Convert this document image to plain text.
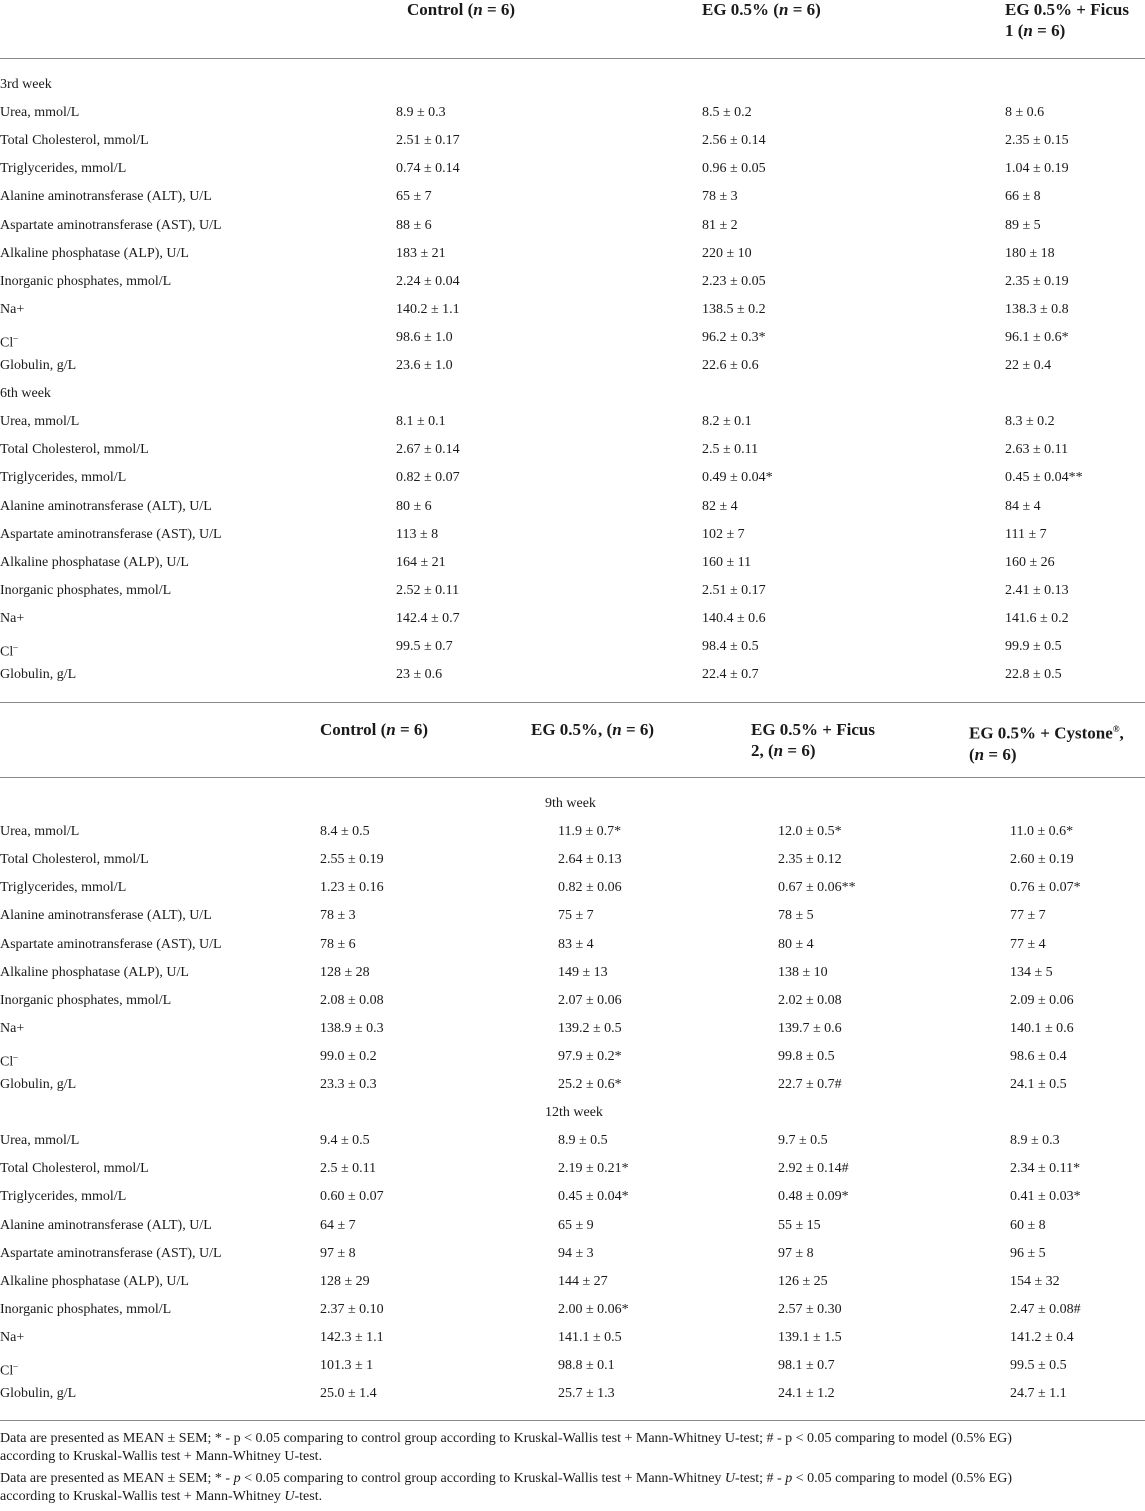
Control (n = 6)	EG 0.5% (n = 6)	EG 0.5% + Ficus
1 (n = 6)
3rd week
Urea, mmol/L	8.9 ± 0.3	8.5 ± 0.2	8 ± 0.6
Total Cholesterol, mmol/L	2.51 ± 0.17	2.56 ± 0.14	2.35 ± 0.15
Triglycerides, mmol/L	0.74 ± 0.14	0.96 ± 0.05	1.04 ± 0.19
Alanine aminotransferase (ALT), U/L	65 ± 7	78 ± 3	66 ± 8
Aspartate aminotransferase (AST), U/L	88 ± 6	81 ± 2	89 ± 5
Alkaline phosphatase (ALP), U/L	183 ± 21	220 ± 10	180 ± 18
Inorganic phosphates, mmol/L	2.24 ± 0.04	2.23 ± 0.05	2.35 ± 0.19
Na+	140.2 ± 1.1	138.5 ± 0.2	138.3 ± 0.8
Cl–	98.6 ± 1.0	96.2 ± 0.3*	96.1 ± 0.6*
Globulin, g/L	23.6 ± 1.0	22.6 ± 0.6	22 ± 0.4
6th week
Urea, mmol/L	8.1 ± 0.1	8.2 ± 0.1	8.3 ± 0.2
Total Cholesterol, mmol/L	2.67 ± 0.14	2.5 ± 0.11	2.63 ± 0.11
Triglycerides, mmol/L	0.82 ± 0.07	0.49 ± 0.04*	0.45 ± 0.04**
Alanine aminotransferase (ALT), U/L	80 ± 6	82 ± 4	84 ± 4
Aspartate aminotransferase (AST), U/L	113 ± 8	102 ± 7	111 ± 7
Alkaline phosphatase (ALP), U/L	164 ± 21	160 ± 11	160 ± 26
Inorganic phosphates, mmol/L	2.52 ± 0.11	2.51 ± 0.17	2.41 ± 0.13
Na+	142.4 ± 0.7	140.4 ± 0.6	141.6 ± 0.2
Cl–	99.5 ± 0.7	98.4 ± 0.5	99.9 ± 0.5
Globulin, g/L	23 ± 0.6	22.4 ± 0.7	22.8 ± 0.5
Control (n = 6)	EG 0.5%, (n = 6)	EG 0.5% + Ficus
2, (n = 6)
EG 0.5% + Cystone®,
(n = 6)
9th week
Urea, mmol/L	8.4 ± 0.5	11.9 ± 0.7*	12.0 ± 0.5*	11.0 ± 0.6*
Total Cholesterol, mmol/L	2.55 ± 0.19	2.64 ± 0.13	2.35 ± 0.12	2.60 ± 0.19
Triglycerides, mmol/L	1.23 ± 0.16	0.82 ± 0.06	0.67 ± 0.06**	0.76 ± 0.07*
Alanine aminotransferase (ALT), U/L	78 ± 3	75 ± 7	78 ± 5	77 ± 7
Aspartate aminotransferase (AST), U/L	78 ± 6	83 ± 4	80 ± 4	77 ± 4
Alkaline phosphatase (ALP), U/L	128 ± 28	149 ± 13	138 ± 10	134 ± 5
Inorganic phosphates, mmol/L	2.08 ± 0.08	2.07 ± 0.06	2.02 ± 0.08	2.09 ± 0.06
Na+	138.9 ± 0.3	139.2 ± 0.5	139.7 ± 0.6	140.1 ± 0.6
Cl–	99.0 ± 0.2	97.9 ± 0.2*	99.8 ± 0.5	98.6 ± 0.4
Globulin, g/L	23.3 ± 0.3	25.2 ± 0.6*	22.7 ± 0.7#	24.1 ± 0.5
12th week
Urea, mmol/L	9.4 ± 0.5	8.9 ± 0.5	9.7 ± 0.5	8.9 ± 0.3
Total Cholesterol, mmol/L	2.5 ± 0.11	2.19 ± 0.21*	2.92 ± 0.14#	2.34 ± 0.11*
Triglycerides, mmol/L	0.60 ± 0.07	0.45 ± 0.04*	0.48 ± 0.09*	0.41 ± 0.03*
Alanine aminotransferase (ALT), U/L	64 ± 7	65 ± 9	55 ± 15	60 ± 8
Aspartate aminotransferase (AST), U/L	97 ± 8	94 ± 3	97 ± 8	96 ± 5
Alkaline phosphatase (ALP), U/L	128 ± 29	144 ± 27	126 ± 25	154 ± 32
Inorganic phosphates, mmol/L	2.37 ± 0.10	2.00 ± 0.06*	2.57 ± 0.30	2.47 ± 0.08#
Na+	142.3 ± 1.1	141.1 ± 0.5	139.1 ± 1.5	141.2 ± 0.4
Cl–	101.3 ± 1	98.8 ± 0.1	98.1 ± 0.7	99.5 ± 0.5
Globulin, g/L	25.0 ± 1.4	25.7 ± 1.3	24.1 ± 1.2	24.7 ± 1.1
Data are presented as MEAN ± SEM; * - p < 0.05 comparing to control group according to Kruskal-Wallis test + Mann-Whitney U-test; # - p < 0.05 comparing to model (0.5% EG)
according to Kruskal-Wallis test + Mann-Whitney U-test.
Data are presented as MEAN ± SEM; * - p < 0.05 comparing to control group according to Kruskal-Wallis test + Mann-Whitney U-test; # - p < 0.05 comparing to model (0.5% EG)
according to Kruskal-Wallis test + Mann-Whitney U-test.
